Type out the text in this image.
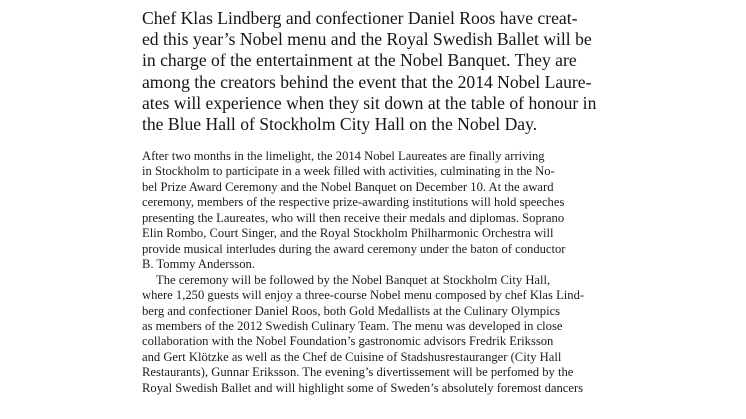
Chef Klas Lindberg and confectioner Daniel Roos have creat-
ed this year’s Nobel menu and the Royal Swedish Ballet will be
in charge of the entertainment at the Nobel Banquet. They are
among the creators behind the event that the 2014 Nobel Laure-
ates will experience when they sit down at the table of honour in
the Blue Hall of Stockholm City Hall on the Nobel Day.
After two months in the limelight, the 2014 Nobel Laureates are finally arriving
in Stockholm to participate in a week filled with activities, culminating in the No-
bel Prize Award Ceremony and the Nobel Banquet on December 10. At the award
ceremony, members of the respective prize-awarding institutions will hold speeches
presenting the Laureates, who will then receive their medals and diplomas. Soprano
Elin Rombo, Court Singer, and the Royal Stockholm Philharmonic Orchestra will
provide musical interludes during the award ceremony under the baton of conductor
B. Tommy Andersson.
The ceremony will be followed by the Nobel Banquet at Stockholm City Hall,
where 1,250 guests will enjoy a three-course Nobel menu composed by chef Klas Lind-
berg and confectioner Daniel Roos, both Gold Medallists at the Culinary Olympics
as members of the 2012 Swedish Culinary Team. The menu was developed in close
collaboration with the Nobel Foundation’s gastronomic advisors Fredrik Eriksson
and Gert Klötzke as well as the Chef de Cuisine of Stadshusrestauranger (City Hall
Restaurants), Gunnar Eriksson. The evening’s divertissement will be perfomed by the
Royal Swedish Ballet and will highlight some of Sweden’s absolutely foremost dancers
